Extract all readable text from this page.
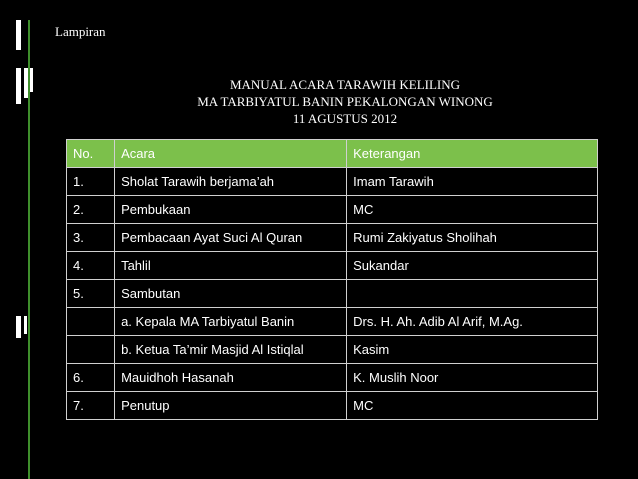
Lampiran
MANUAL ACARA TARAWIH KELILING
MA TARBIYATUL BANIN PEKALONGAN WINONG
11 AGUSTUS 2012
No.	Acara	Keterangan
1.	Sholat Tarawih berjama’ah	Imam Tarawih
2.	Pembukaan	MC
3.	Pembacaan Ayat Suci Al Quran	Rumi Zakiyatus Sholihah
4.	Tahlil	Sukandar
5.	Sambutan	
	a. Kepala MA Tarbiyatul Banin	Drs. H. Ah. Adib Al Arif, M.Ag.
	b. Ketua Ta’mir Masjid Al Istiqlal	Kasim
6.	Mauidhoh Hasanah	K. Muslih Noor
7.	Penutup	MC
